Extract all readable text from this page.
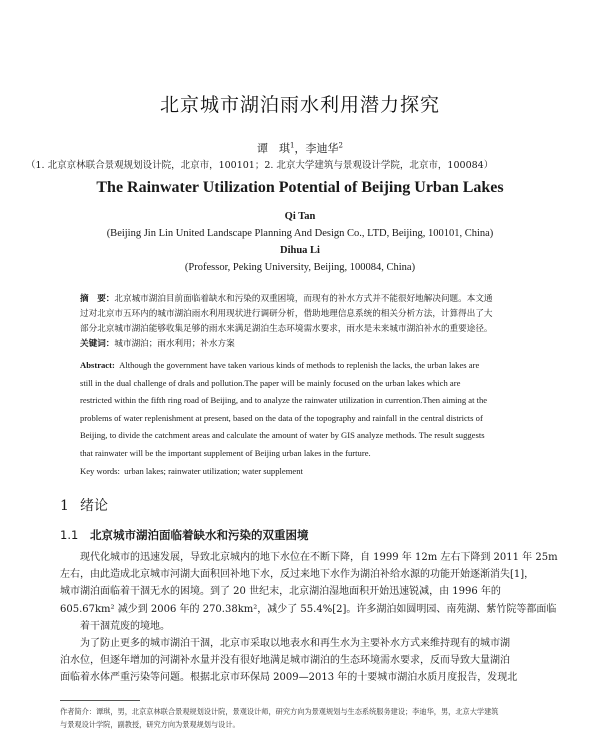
北京城市湖泊雨水利用潜力探究
谭　琪$^1$，李迪华$^2$
（1. 北京京林联合景观规划设计院，北京市，100101；2. 北京大学建筑与景观设计学院，北京市，100084）
The Rainwater Utilization Potential of Beijing Urban Lakes
Qi Tan
(Beijing Jin Lin United Landscape Planning And Design Co., LTD, Beijing, 100101, China)
Dihua Li
(Professor, Peking University, Beijing, 100084, China)

摘　要：北京城市湖泊目前面临着缺水和污染的双重困境，而现有的补水方式并不能很好地解决问题。本文通

过对北京市五环内的城市湖泊雨水利用现状进行调研分析，借助地理信息系统的相关分析方法，计算得出了大

部分北京城市湖泊能够收集足够的雨水来满足湖泊生态环境需水要求，雨水是未来城市湖泊补水的重要途径。

关键词：城市湖泊；雨水利用；补水方案

Abstract: Although the government have taken various kinds of methods to replenish the lacks, the urban lakes are

still in the dual challenge of drals and pollution.The paper will be mainly focused on the urban lakes which are

restricted within the fifth ring road of Beijing, and to analyze the rainwater utilization in currention.Then aiming at the

problems of water replenishment at present, based on the data of the topography and rainfall in the central districts of

Beijing, to divide the catchment areas and calculate the amount of water by GIS analyze methods. The result suggests

that rainwater will be the important supplement of Beijing urban lakes in the furture.

Key words: urban lakes; rainwater utilization; water supplement

1 绪论
1.1 北京城市湖泊面临着缺水和污染的双重困境

现代化城市的迅速发展，导致北京城内的地下水位在不断下降，自 1999 年 12m 左右下降到 2011 年 25m

左右，由此造成北京城市河湖大面积回补地下水，反过来地下水作为湖泊补给水源的功能开始逐渐消失[1]，

城市湖泊面临着干涸无水的困境。到了 20 世纪末，北京湖泊湿地面积开始迅速锐减，由 1996 年的

605.67km² 减少到 2006 年的 270.38km²，减少了 55.4%[2]。许多湖泊如圆明园、南苑湖、紫竹院等都面临

着干涸荒废的境地。

为了防止更多的城市湖泊干涸，北京市采取以地表水和再生水为主要补水方式来维持现有的城市湖

泊水位，但逐年增加的河湖补水量并没有很好地满足城市湖泊的生态环境需水要求，反而导致大量湖泊

面临着水体严重污染等问题。根据北京市环保局 2009—2013 年的十要城市湖泊水质月度报告，发现北

作者简介：谭琪，男，北京京林联合景观规划设计院，景观设计师，研究方向为景观规划与生态系统服务建设；李迪华，男，北京大学建筑

与景观设计学院，副教授，研究方向为景观规划与设计。
